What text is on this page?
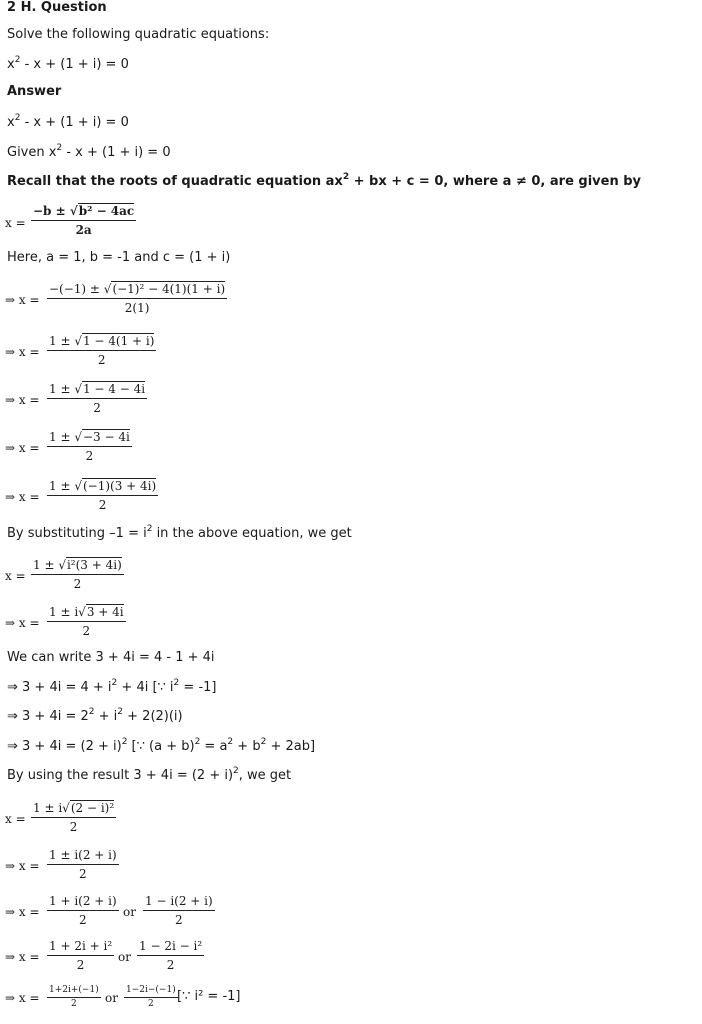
2 H. Question
Solve the following quadratic equations:
$x^2 - x + (1 + i) = 0$
Answer
$x^2 - x + (1 + i) = 0$
Given $x^2 - x + (1 + i) = 0$
Recall that the roots of quadratic equation $ax^2$ + bx + c = 0, where a ≠ 0, are given by
$x = \frac{\text{−b ± √b² − 4ac}}{2a}$
Here, a = 1, b = -1 and c = (1 + i)
⇒ $x = \frac{\text{−(−1) ± √(−1)² − 4(1)(1 + i)}}{2(1)}$
⇒ $x = \frac{1 \pm √1 - 4(1 + i)}{2}$
⇒ $x = \frac{1 \pm √1 - 4 - 4i}{2}$
⇒ $x = \frac{1 \pm √-3 - 4i}{2}$
⇒ $x = \frac{1 \pm √(-1)(3 + 4i)}{2}$
By substituting $-1 = i^2$ in the above equation, we get
$x = \frac{\text{1 ± √i²(3 + 4i)}}{2}$
⇒ $x = \frac{1 \pm i√3 + 4i}{2}$
We can write 3 + 4i = 4 - 1 + 4i
⇒ $3 + 4i = 4 + i^2 + 4i$ [∵ $i^2 = -1$]
⇒ $3 + 4i = 2^2 + i^2 + 2(2)(i)$
⇒ $3 + 4i = (2 + i)^2$ [∵ $(a + b)^2 = a^2 + b^2 + 2ab$]
By using the result $3 + 4i = (2 + i)^2$, we get
$x = \frac{\text{1 ± i√(2 − i)²}}{2}$
⇒ $x = \frac{1 \pm i(2 + i)}{2}$
⇒ $x = \frac{1 + i(2 + i)}{2}$ or $\frac{1 - i(2 + i)}{2}$
⇒ $x = \frac{\text{1 + 2i + i²}}{2}$ or $\frac{\text{1 − 2i − i²}}{2}$
⇒ $x = \frac{1+2i+(-1)}{2}$ or $\frac{1-2i-(-1)}{2}$ [∵ i² = -1]
